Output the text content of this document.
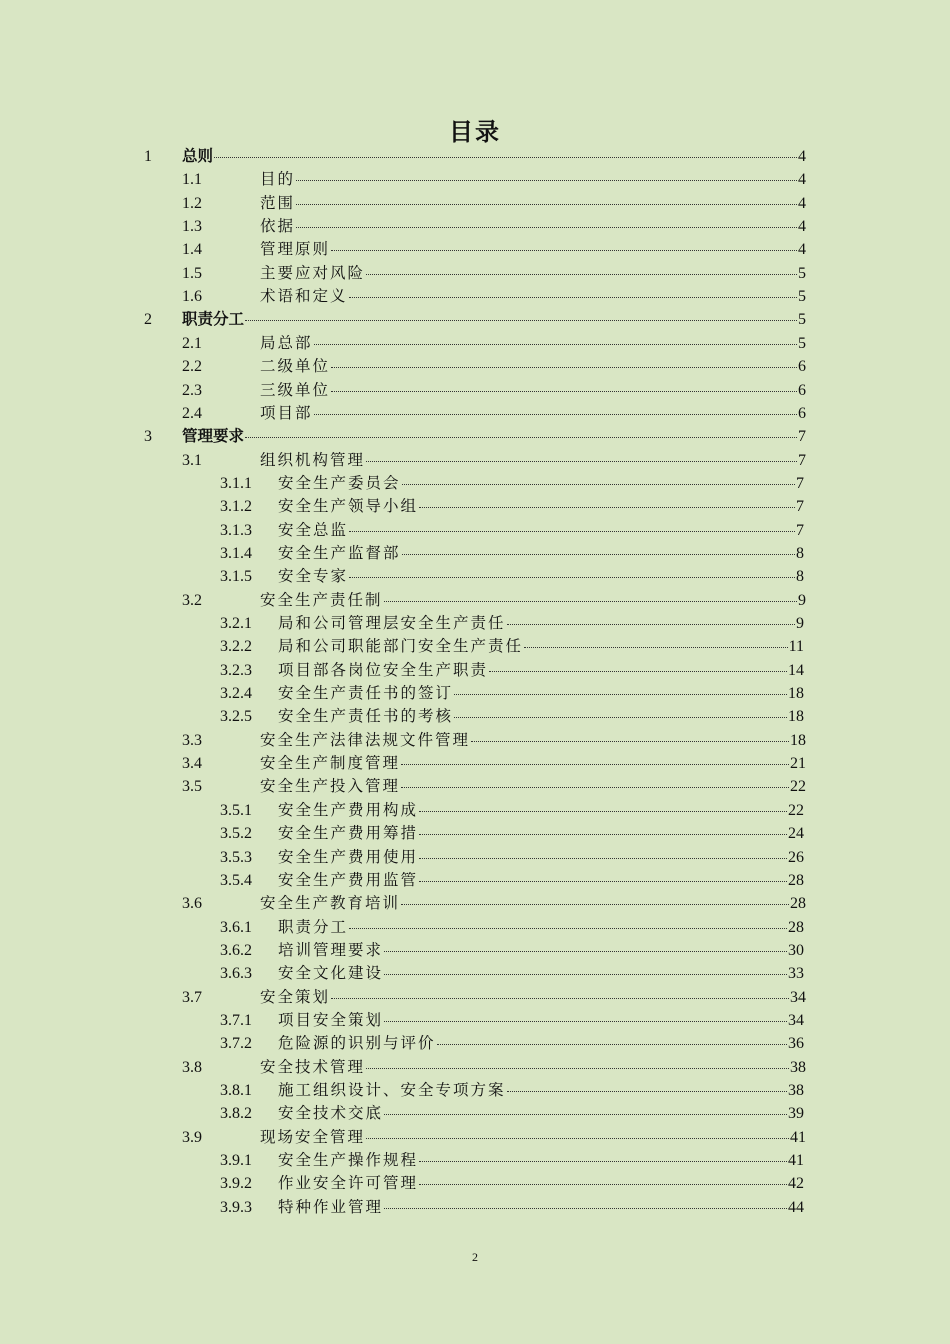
目录
1	总则	4
1.1	目的	4
1.2	范围	4
1.3	依据	4
1.4	管理原则	4
1.5	主要应对风险	5
1.6	术语和定义	5
2	职责分工	5
2.1	局总部	5
2.2	二级单位	6
2.3	三级单位	6
2.4	项目部	6
3	管理要求	7
3.1	组织机构管理	7
3.1.1	安全生产委员会	7
3.1.2	安全生产领导小组	7
3.1.3	安全总监	7
3.1.4	安全生产监督部	8
3.1.5	安全专家	8
3.2	安全生产责任制	9
3.2.1	局和公司管理层安全生产责任	9
3.2.2	局和公司职能部门安全生产责任	11
3.2.3	项目部各岗位安全生产职责	14
3.2.4	安全生产责任书的签订	18
3.2.5	安全生产责任书的考核	18
3.3	安全生产法律法规文件管理	18
3.4	安全生产制度管理	21
3.5	安全生产投入管理	22
3.5.1	安全生产费用构成	22
3.5.2	安全生产费用筹措	24
3.5.3	安全生产费用使用	26
3.5.4	安全生产费用监管	28
3.6	安全生产教育培训	28
3.6.1	职责分工	28
3.6.2	培训管理要求	30
3.6.3	安全文化建设	33
3.7	安全策划	34
3.7.1	项目安全策划	34
3.7.2	危险源的识别与评价	36
3.8	安全技术管理	38
3.8.1	施工组织设计、安全专项方案	38
3.8.2	安全技术交底	39
3.9	现场安全管理	41
3.9.1	安全生产操作规程	41
3.9.2	作业安全许可管理	42
3.9.3	特种作业管理	44
2
